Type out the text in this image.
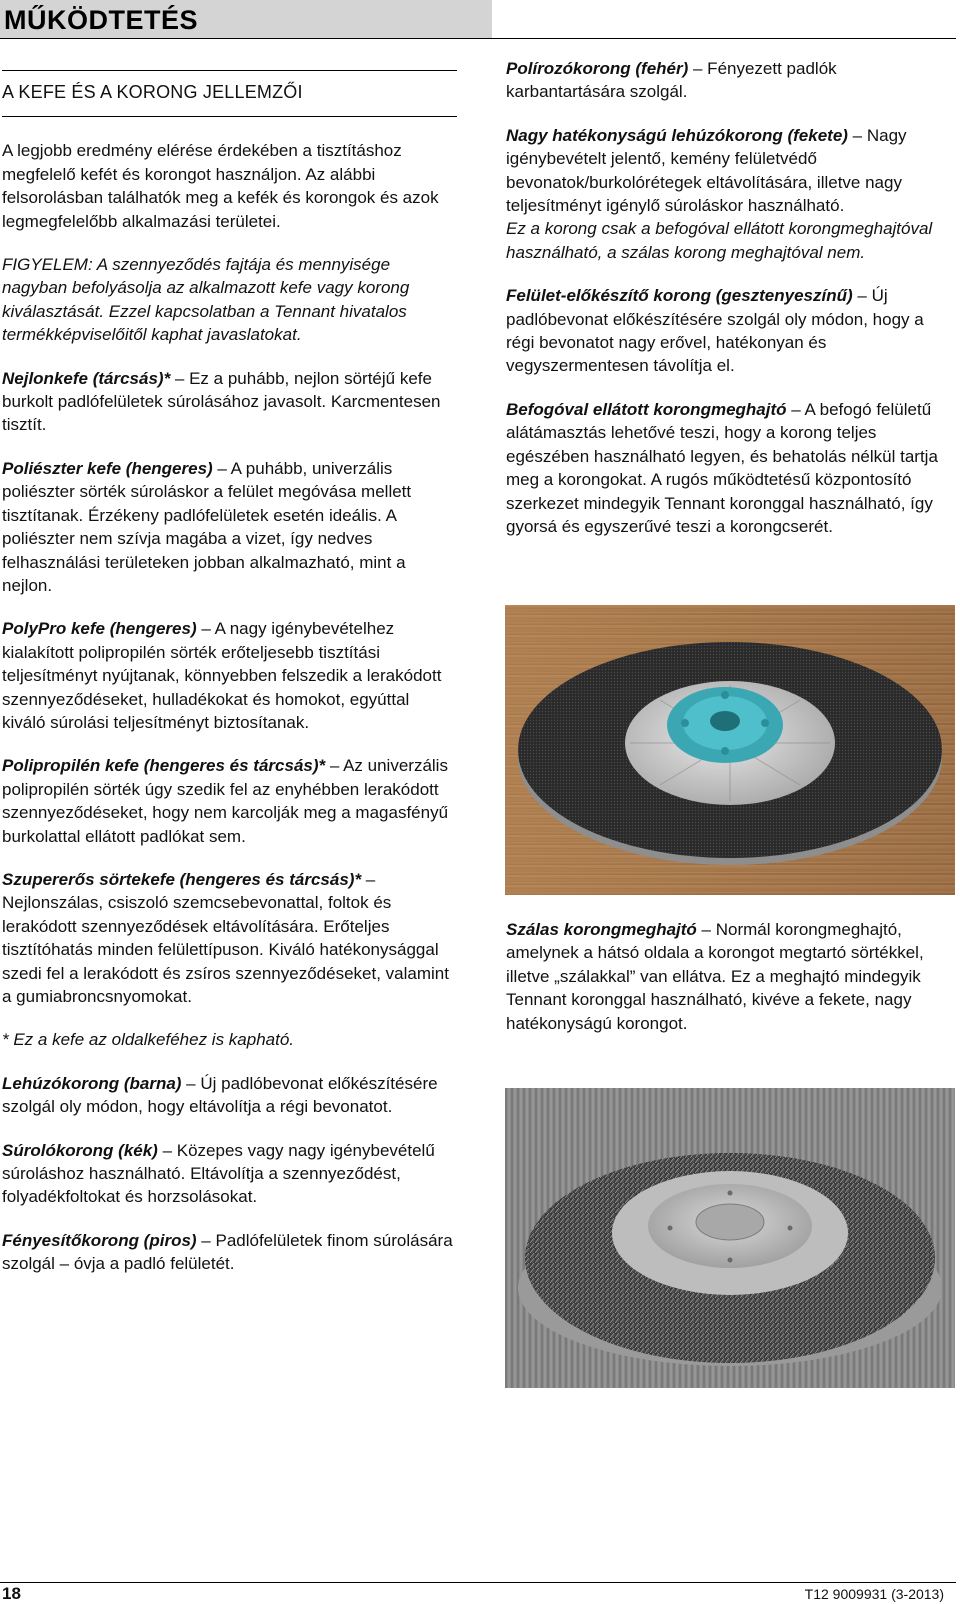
MŰKÖDTETÉS
A KEFE ÉS A KORONG JELLEMZŐI

A legjobb eredmény elérése érdekében a tisztításhoz megfelelő kefét és korongot használjon. Az alábbi felsorolásban találhatók meg a kefék és korongok és azok legmegfelelőbb alkalmazási területei.

FIGYELEM: A szennyeződés fajtája és mennyisége nagyban befolyásolja az alkalmazott kefe vagy korong kiválasztását. Ezzel kapcsolatban a Tennant hivatalos termékképviselőitől kaphat javaslatokat.

Nejlonkefe (tárcsás)* – Ez a puhább, nejlon sörtéjű kefe burkolt padlófelületek súrolásához javasolt. Karcmentesen tisztít.

Poliészter kefe (hengeres) – A puhább, univerzális poliészter sörték súroláskor a felület megóvása mellett tisztítanak. Érzékeny padlófelületek esetén ideális. A poliészter nem szívja magába a vizet, így nedves felhasználási területeken jobban alkalmazható, mint a nejlon.

PolyPro kefe (hengeres) – A nagy igénybevételhez kialakított polipropilén sörték erőteljesebb tisztítási teljesítményt nyújtanak, könnyebben felszedik a lerakódott szennyeződéseket, hulladékokat és homokot, egyúttal kiváló súrolási teljesítményt biztosítanak.

Polipropilén kefe (hengeres és tárcsás)* – Az univerzális polipropilén sörték úgy szedik fel az enyhébben lerakódott szennyeződéseket, hogy nem karcolják meg a magasfényű burkolattal ellátott padlókat sem.

Szupererős sörtekefe (hengeres és tárcsás)* – Nejlonszálas, csiszoló szemcsebevonattal, foltok és lerakódott szennyeződések eltávolítására. Erőteljes tisztítóhatás minden felülettípuson. Kiváló hatékonysággal szedi fel a lerakódott és zsíros szennyeződéseket, valamint a gumiabroncsnyomokat.

* Ez a kefe az oldalkeféhez is kapható.

Lehúzókorong (barna) – Új padlóbevonat előkészítésére szolgál oly módon, hogy eltávolítja a régi bevonatot.

Súrolókorong (kék) – Közepes vagy nagy igénybevételű súroláshoz használható. Eltávolítja a szennyeződést, folyadékfoltokat és horzsolásokat.

Fényesítőkorong (piros) – Padlófelületek finom súrolására szolgál – óvja a padló felületét.

Polírozókorong (fehér) – Fényezett padlók karbantartására szolgál.

Nagy hatékonyságú lehúzókorong (fekete) – Nagy igénybevételt jelentő, kemény felületvédő bevonatok/burkolórétegek eltávolítására, illetve nagy teljesítményt igénylő súroláskor használható.
Ez a korong csak a befogóval ellátott korongmeghajtóval használható, a szálas korong meghajtóval nem.

Felület-előkészítő korong (gesztenyeszínű) – Új padlóbevonat előkészítésére szolgál oly módon, hogy a régi bevonatot nagy erővel, hatékonyan és vegyszermentesen távolítja el.

Befogóval ellátott korongmeghajtó – A befogó felületű alátámasztás lehetővé teszi, hogy a korong teljes egészében használható legyen, és behatolás nélkül tartja meg a korongokat. A rugós működtetésű központosító szerkezet mindegyik Tennant koronggal használható, így gyorsá és egyszerűvé teszi a korongcserét.

Szálas korongmeghajtó – Normál korongmeghajtó, amelynek a hátsó oldala a korongot megtartó sörtékkel, illetve „szálakkal” van ellátva. Ez a meghajtó mindegyik Tennant koronggal használható, kivéve a fekete, nagy hatékonyságú korongot.

18	T12 9009931 (3-2013)
